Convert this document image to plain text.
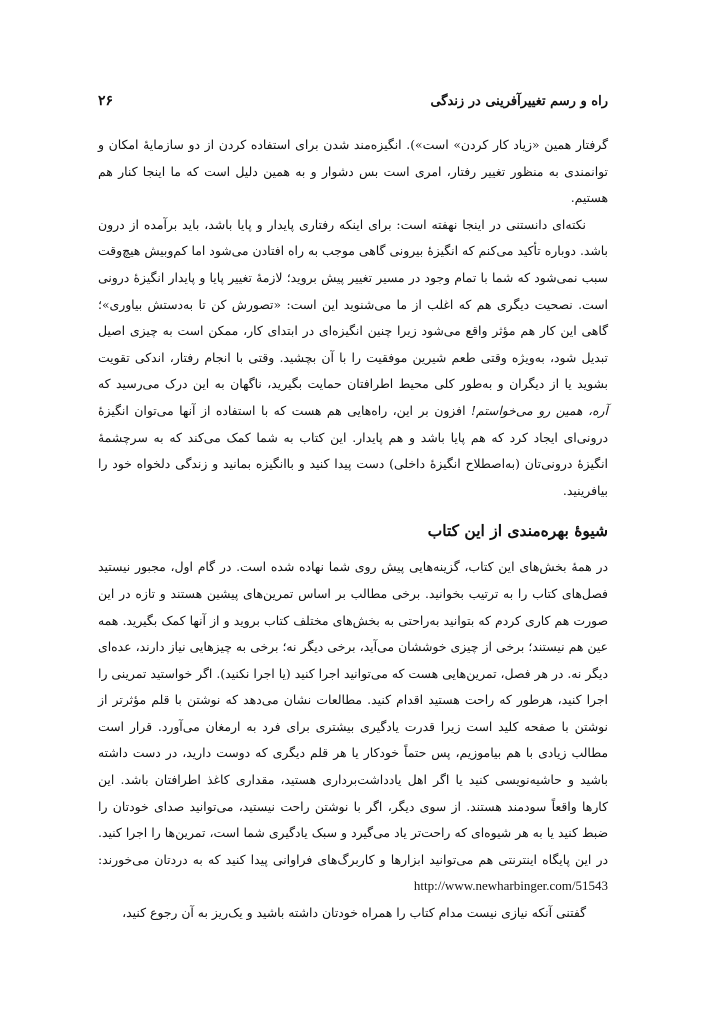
راه و رسم تغییرآفرینی در زندگی
۲۶

گرفتار همین «زیاد کار کردن» است»). انگیزه‌مند شدن برای استفاده کردن از دو سازمایهٔ امکان و توانمندی به منظور تغییر رفتار، امری است بس دشوار و به همین دلیل است که ما اینجا کنار هم هستیم.

نکته‌ای دانستنی در اینجا نهفته است: برای اینکه رفتاری پایدار و پایا باشد، باید برآمده از درون باشد. دوباره تأکید می‌کنم که انگیزهٔ بیرونی گاهی موجب به راه افتادن می‌شود اما کم‌وبیش هیچ‌وقت سبب نمی‌شود که شما با تمام وجود در مسیر تغییر پیش بروید؛ لازمهٔ تغییر پایا و پایدار انگیزهٔ درونی است. نصحیت دیگری هم که اغلب از ما می‌شنوید این است: «تصورش کن تا به‌دستش بیاوری»؛ گاهی این کار هم مؤثر واقع می‌شود زیرا چنین انگیزه‌ای در ابتدای کار، ممکن است به چیزی اصیل تبدیل شود، به‌ویژه وقتی طعم شیرین موفقیت را با آن بچشید. وقتی با انجام رفتار، اندکی تقویت بشوید یا از دیگران و به‌طور کلی محیط اطرافتان حمایت بگیرید، ناگهان به این درک می‌رسید که آره، همین رو می‌خواستم! افزون بر این، راه‌هایی هم هست که با استفاده از آنها می‌توان انگیزهٔ درونی‌ای ایجاد کرد که هم پایا باشد و هم پایدار. این کتاب به شما کمک می‌کند که به سرچشمهٔ انگیزهٔ درونی‌تان (به‌اصطلاح انگیزهٔ داخلی) دست پیدا کنید و باانگیزه بمانید و زندگی دلخواه خود را بیافرینید.

شیوهٔ بهره‌مندی از این کتاب

در همهٔ بخش‌های این کتاب، گزینه‌هایی پیش روی شما نهاده شده است. در گام اول، مجبور نیستید فصل‌های کتاب را به ترتیب بخوانید. برخی مطالب بر اساس تمرین‌های پیشین هستند و تازه در این صورت هم کاری کردم که بتوانید به‌راحتی به بخش‌های مختلف کتاب بروید و از آنها کمک بگیرید. همه عین هم نیستند؛ برخی از چیزی خوششان می‌آید، برخی دیگر نه؛ برخی به چیزهایی نیاز دارند، عده‌ای دیگر نه. در هر فصل، تمرین‌هایی هست که می‌توانید اجرا کنید (یا اجرا نکنید). اگر خواستید تمرینی را اجرا کنید، هرطور که راحت هستید اقدام کنید. مطالعات نشان می‌دهد که نوشتن با قلم مؤثرتر از نوشتن با صفحه کلید است زیرا قدرت یادگیری بیشتری برای فرد به ارمغان می‌آورد. قرار است مطالب زیادی با هم بیاموزیم، پس حتماً خودکار یا هر قلم دیگری که دوست دارید، در دست داشته باشید و حاشیه‌نویسی کنید یا اگر اهل یادداشت‌برداری هستید، مقداری کاغذ اطرافتان باشد. این کارها واقعاً سودمند هستند. از سوی دیگر، اگر با نوشتن راحت نیستید، می‌توانید صدای خودتان را ضبط کنید یا به هر شیوه‌ای که راحت‌تر یاد می‌گیرد و سبک یادگیری شما است، تمرین‌ها را اجرا کنید. در این پایگاه اینترنتی هم می‌توانید ابزارها و کاربرگ‌های فراوانی پیدا کنید که به دردتان می‌خورند: http://www.newharbinger.com/51543

گفتنی آنکه نیازی نیست مدام کتاب را همراه خودتان داشته باشید و یک‌ریز به آن رجوع کنید،
